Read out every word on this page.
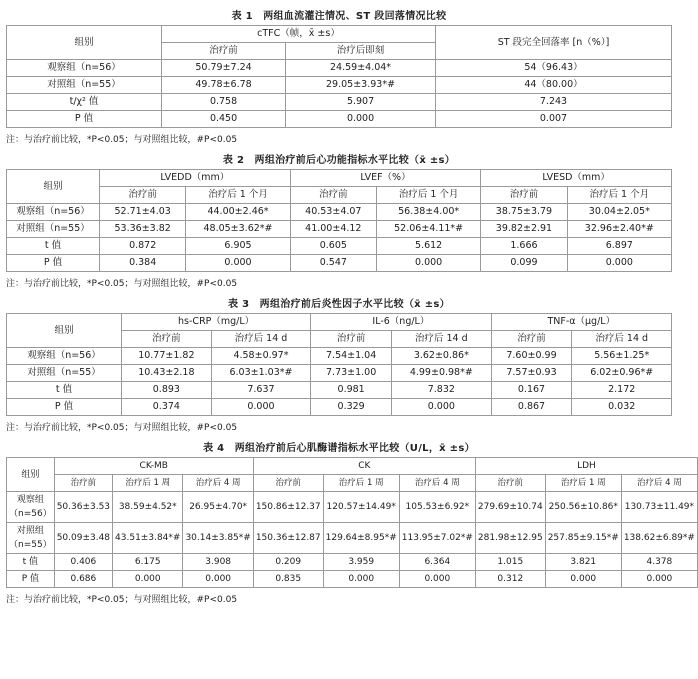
表 1　两组血流灌注情况、ST 段回落情况比较
组别	cTFC（帧，x̄ ±s）		ST 段完全回落率 [n（%）]
	治疗前	治疗后即刻	
观察组（n=56）	50.79±7.24	24.59±4.04*	54（96.43）
对照组（n=55）	49.78±6.78	29.05±3.93*#	44（80.00）
t/χ² 值	0.758	5.907	7.243
P 值	0.450	0.000	0.007
注：与治疗前比较，*P<0.05；与对照组比较，#P<0.05
表 2　两组治疗前后心功能指标水平比较（x̄ ±s）
组别	LVEDD（mm）		LVEF（%）		LVESD（mm）	
	治疗前	治疗后 1 个月	治疗前	治疗后 1 个月	治疗前	治疗后 1 个月
观察组（n=56）	52.71±4.03	44.00±2.46*	40.53±4.07	56.38±4.00*	38.75±3.79	30.04±2.05*
对照组（n=55）	53.36±3.82	48.05±3.62*#	41.00±4.12	52.06±4.11*#	39.82±2.91	32.96±2.40*#
t 值	0.872	6.905	0.605	5.612	1.666	6.897
P 值	0.384	0.000	0.547	0.000	0.099	0.000
注：与治疗前比较，*P<0.05；与对照组比较，#P<0.05
表 3　两组治疗前后炎性因子水平比较（x̄ ±s）
组别	hs-CRP（mg/L）		IL-6（ng/L）		TNF-α（μg/L）	
	治疗前	治疗后 14 d	治疗前	治疗后 14 d	治疗前	治疗后 14 d
观察组（n=56）	10.77±1.82	4.58±0.97*	7.54±1.04	3.62±0.86*	7.60±0.99	5.56±1.25*
对照组（n=55）	10.43±2.18	6.03±1.03*#	7.73±1.00	4.99±0.98*#	7.57±0.93	6.02±0.96*#
t 值	0.893	7.637	0.981	7.832	0.167	2.172
P 值	0.374	0.000	0.329	0.000	0.867	0.032
注：与治疗前比较，*P<0.05；与对照组比较，#P<0.05
表 4　两组治疗前后心肌酶谱指标水平比较（U/L，x̄ ±s）
组别	CK-MB			CK			LDH		
	治疗前	治疗后 1 周	治疗后 4 周	治疗前	治疗后 1 周	治疗后 4 周	治疗前	治疗后 1 周	治疗后 4 周
观察组（n=56）	50.36±3.53	38.59±4.52*	26.95±4.70*	150.86±12.37	120.57±14.49*	105.53±6.92*	279.69±10.74	250.56±10.86*	130.73±11.49*
对照组（n=55）	50.09±3.48	43.51±3.84*#	30.14±3.85*#	150.36±12.87	129.64±8.95*#	113.95±7.02*#	281.98±12.95	257.85±9.15*#	138.62±6.89*#
t 值	0.406	6.175	3.908	0.209	3.959	6.364	1.015	3.821	4.378
P 值	0.686	0.000	0.000	0.835	0.000	0.000	0.312	0.000	0.000
注：与治疗前比较，*P<0.05；与对照组比较，#P<0.05
